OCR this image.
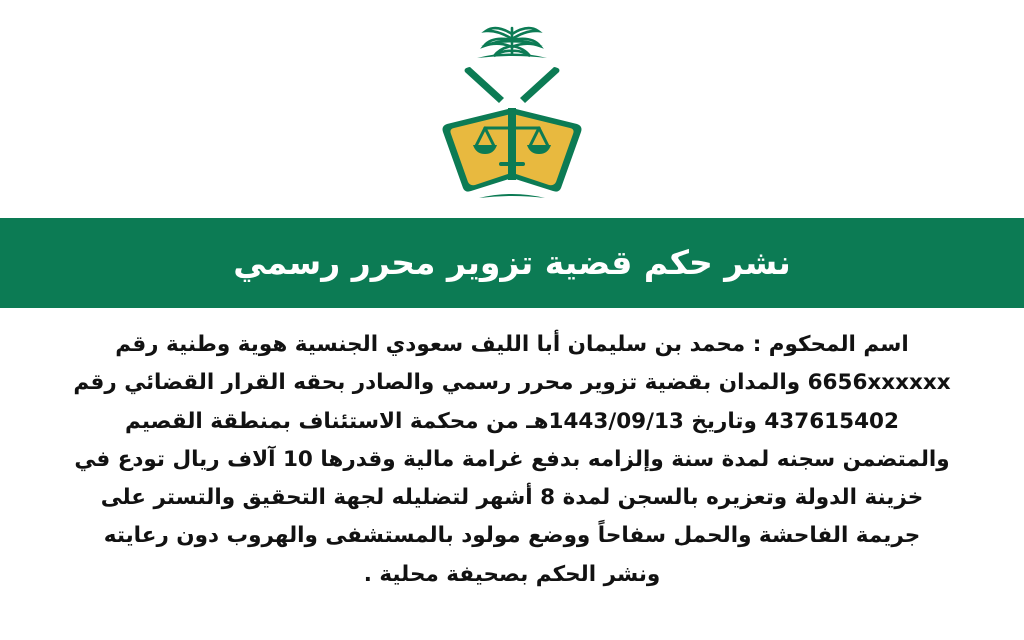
نشر حكم قضية تزوير محرر رسمي
اسم المحكوم : محمد بن سليمان أبا الليف سعودي الجنسية هوية وطنية رقم 6656xxxxxx والمدان بقضية تزوير محرر رسمي والصادر بحقه القرار القضائي رقم 437615402 وتاريخ 1443/09/13هـ من محكمة الاستئناف بمنطقة القصيم والمتضمن سجنه لمدة سنة وإلزامه بدفع غرامة مالية وقدرها 10 آلاف ريال تودع في خزينة الدولة وتعزيره بالسجن لمدة 8 أشهر لتضليله لجهة التحقيق والتستر على جريمة الفاحشة والحمل سفاحاً ووضع مولود بالمستشفى والهروب دون رعايته ونشر الحكم بصحيفة محلية .
